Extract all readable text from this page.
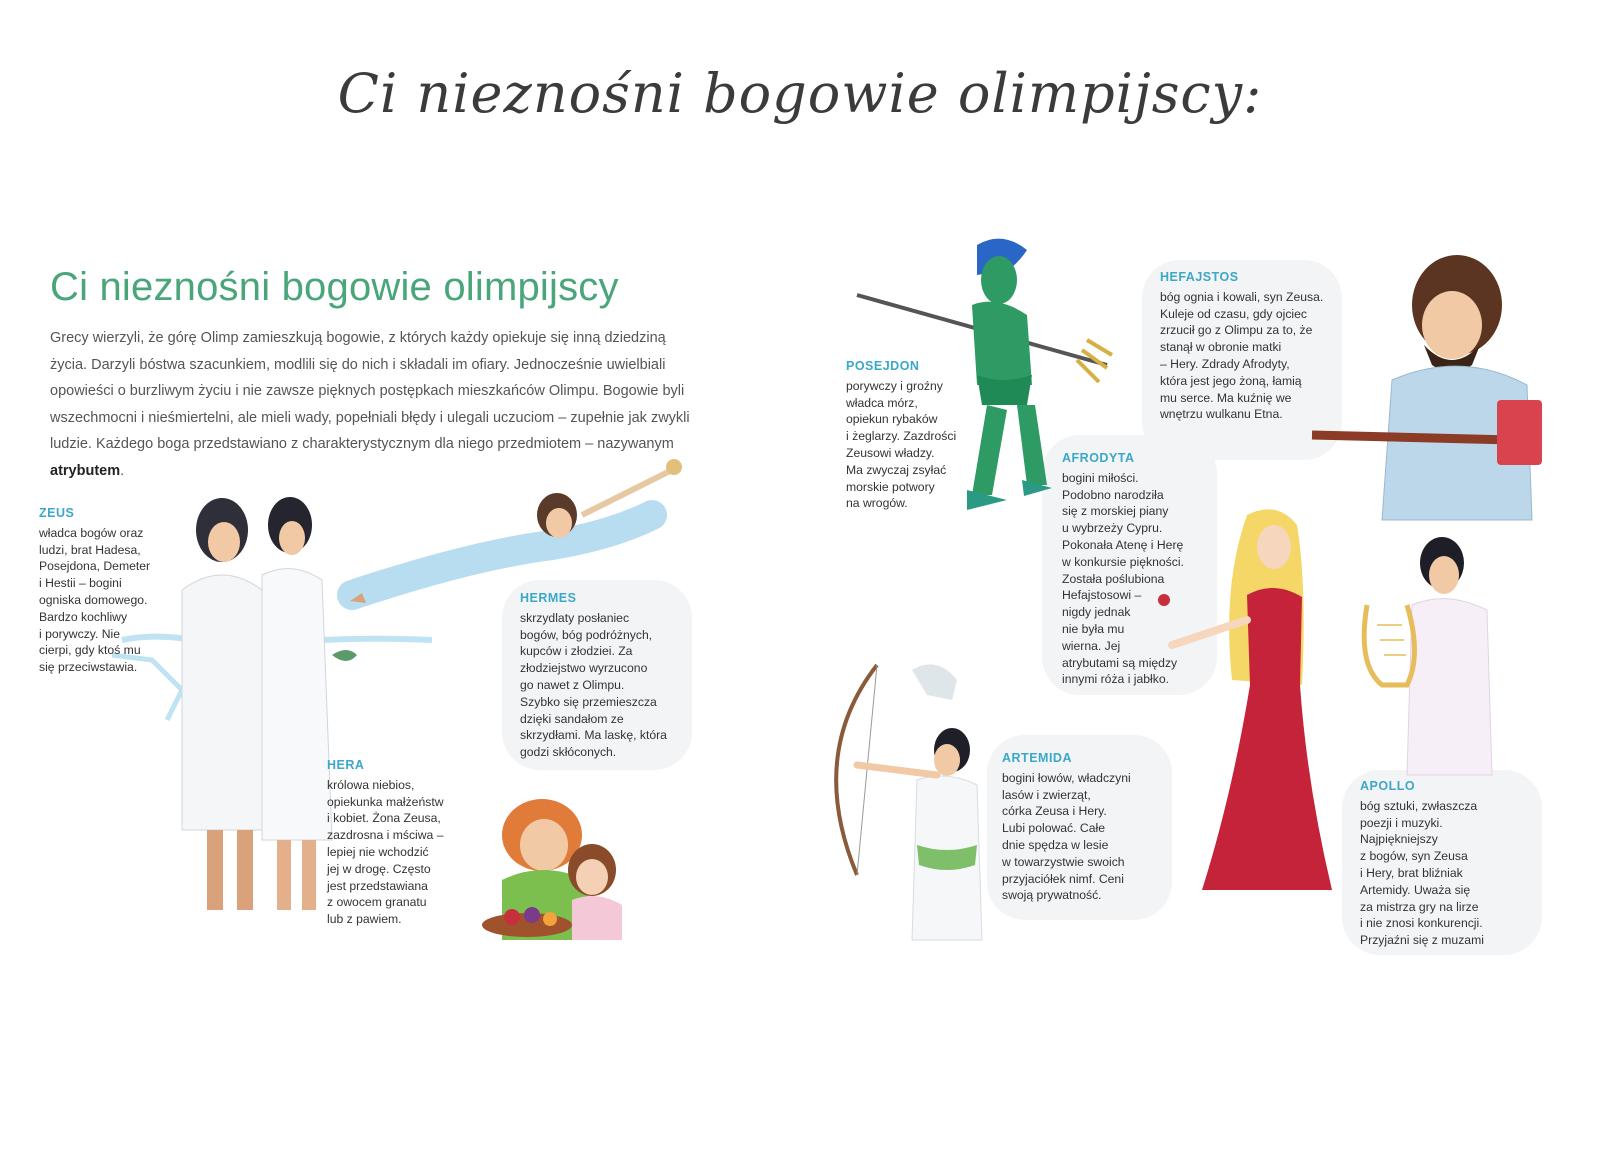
Ci nieznośni bogowie olimpijscy:
Ci nieznośni bogowie olimpijscy
Grecy wierzyli, że górę Olimp zamieszkują bogowie, z których każdy opiekuje się inną dziedziną życia. Darzyli bóstwa szacunkiem, modlili się do nich i składali im ofiary. Jednocześnie uwielbiali opowieści o burzliwym życiu i nie zawsze pięknych postępkach mieszkańców Olimpu. Bogowie byli wszechmocni i nieśmiertelni, ale mieli wady, popełniali błędy i ulegali uczuciom – zupełnie jak zwykli ludzie. Każdego boga przedstawiano z charakterystycznym dla niego przedmiotem – nazywanym atrybutem.
ZEUS
władca bogów oraz
ludzi, brat Hadesa,
Posejdona, Demeter
i Hestii – bogini
ogniska domowego.
Bardzo kochliwy
i porywczy. Nie
cierpi, gdy ktoś mu
się przeciwstawia.
HERA
królowa niebios,
opiekunka małżeństw
i kobiet. Żona Zeusa,
zazdrosna i mściwa –
lepiej nie wchodzić
jej w drogę. Często
jest przedstawiana
z owocem granatu
lub z pawiem.
HERMES
skrzydlaty posłaniec
bogów, bóg podróżnych,
kupców i złodziei. Za
złodziejstwo wyrzucono
go nawet z Olimpu.
Szybko się przemieszcza
dzięki sandałom ze
skrzydłami. Ma laskę, która
godzi skłóconych.
POSEJDON
porywczy i groźny
władca mórz,
opiekun rybaków
i żeglarzy. Zazdrości
Zeusowi władzy.
Ma zwyczaj zsyłać
morskie potwory
na wrogów.
HEFAJSTOS
bóg ognia i kowali, syn Zeusa.
Kuleje od czasu, gdy ojciec
zrzucił go z Olimpu za to, że
stanął w obronie matki
– Hery. Zdrady Afrodyty,
która jest jego żoną, łamią
mu serce. Ma kuźnię we
wnętrzu wulkanu Etna.
AFRODYTA
bogini miłości.
Podobno narodziła
się z morskiej piany
u wybrzeży Cypru.
Pokonała Atenę i Herę
w konkursie piękności.
Została poślubiona
Hefajstosowi –
nigdy jednak
nie była mu
wierna. Jej
atrybutami są między
innymi róża i jabłko.
ARTEMIDA
bogini łowów, władczyni
lasów i zwierząt,
córka Zeusa i Hery.
Lubi polować. Całe
dnie spędza w lesie
w towarzystwie swoich
przyjaciółek nimf. Ceni
swoją prywatność.
APOLLO
bóg sztuki, zwłaszcza
poezji i muzyki.
Najpiękniejszy
z bogów, syn Zeusa
i Hery, brat bliźniak
Artemidy. Uważa się
za mistrza gry na lirze
i nie znosi konkurencji.
Przyjaźni się z muzami
